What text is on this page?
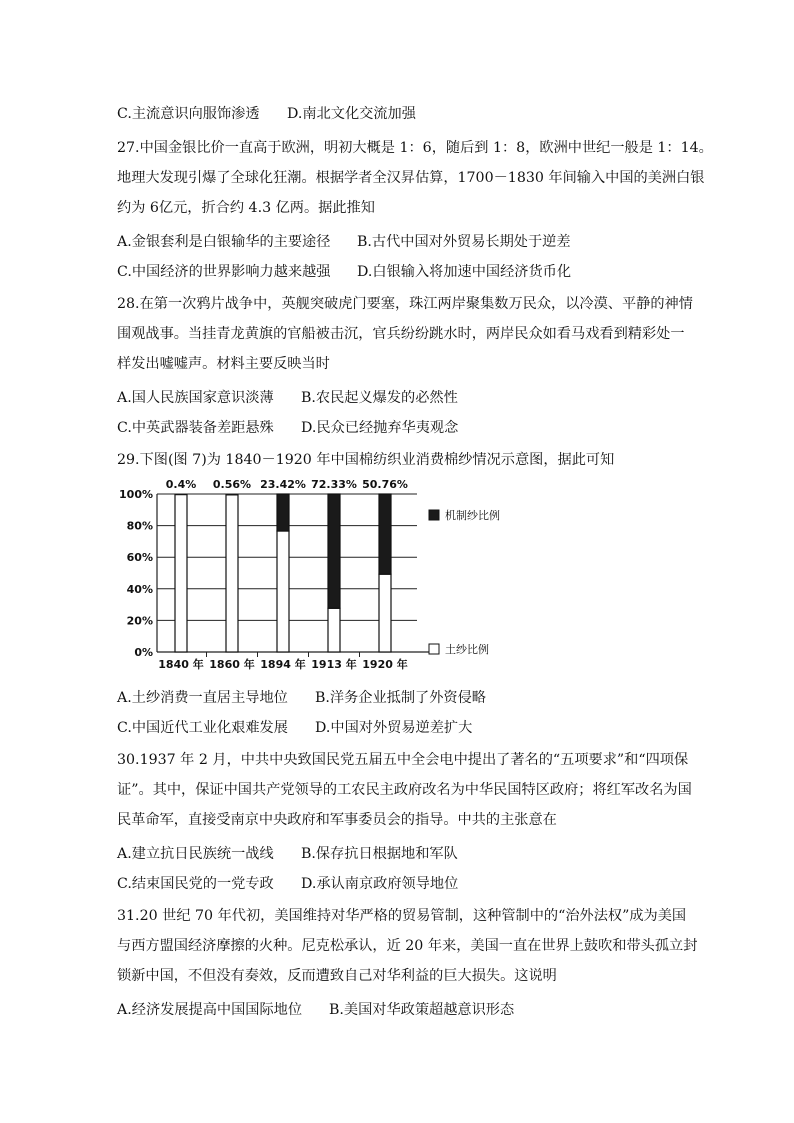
C.主流意识向服饰渗透 D.南北文化交流加强
27.中国金银比价一直高于欧洲，明初大概是 1：6，随后到 1：8，欧洲中世纪一般是 1：14。
地理大发现引爆了全球化狂潮。根据学者全汉昇估算，1700－1830 年间输入中国的美洲白银
约为 6亿元，折合约 4.3 亿两。据此推知
A.金银套利是白银输华的主要途径 B.古代中国对外贸易长期处于逆差
C.中国经济的世界影响力越来越强 D.白银输入将加速中国经济货币化
28.在第一次鸦片战争中，英舰突破虎门要塞，珠江两岸聚集数万民众，以冷漠、平静的神情
围观战事。当挂青龙黄旗的官船被击沉，官兵纷纷跳水时，两岸民众如看马戏看到精彩处一
样发出嘘嘘声。材料主要反映当时
A.国人民族国家意识淡薄 B.农民起义爆发的必然性
C.中英武器装备差距悬殊 D.民众已经抛弃华夷观念
29.下图(图 7)为 1840－1920 年中国棉纺织业消费棉纱情况示意图，据此可知
A.土纱消费一直居主导地位 B.洋务企业抵制了外资侵略
C.中国近代工业化艰难发展 D.中国对外贸易逆差扩大
30.1937 年 2 月，中共中央致国民党五届五中全会电中提出了著名的“五项要求”和“四项保
证”。其中，保证中国共产党领导的工农民主政府改名为中华民国特区政府；将红军改名为国
民革命军，直接受南京中央政府和军事委员会的指导。中共的主张意在
A.建立抗日民族统一战线 B.保存抗日根据地和军队
C.结束国民党的一党专政 D.承认南京政府领导地位
31.20 世纪 70 年代初，美国维持对华严格的贸易管制，这种管制中的“治外法权”成为美国
与西方盟国经济摩擦的火种。尼克松承认，近 20 年来，美国一直在世界上鼓吹和带头孤立封
锁新中国，不但没有奏效，反而遭致自己对华利益的巨大损失。这说明
A.经济发展提高中国国际地位 B.美国对华政策超越意识形态
0%
20%
40%
60%
80%
100%
0.4%
1840 年
0.56%
1860 年
23.42%
1894 年
72.33%
1913 年
50.76%
1920 年
机制纱比例
土纱比例
